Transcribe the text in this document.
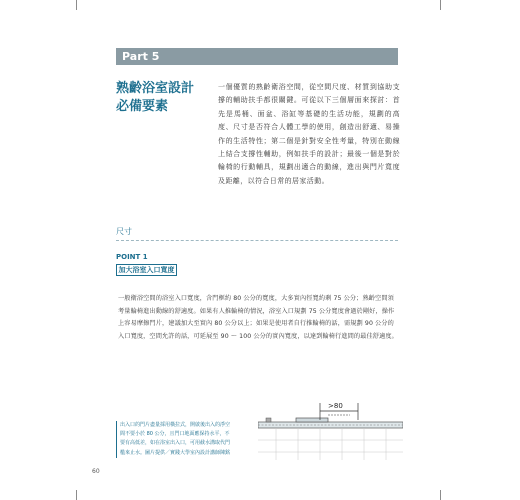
Part 5
熟齡浴室設計
必備要素
一個優質的熟齡衛浴空間，從空間尺度、材質到協助支撐的輔助扶手都很關鍵。可從以下三個層面來探討：首先是馬桶、面盆、浴缸等基礎的生活功能，規劃的高度、尺寸是否符合人體工學的使用，創造出舒適、易操作的生活特性；第二個是針對安全性考量，特別在動線上結合支撐性輔助，例如扶手的設計；最後一個是對於輪椅的行動輔具，規劃出適合的動線，進出與門片寬度及距離，以符合日常的居家活動。
尺寸
POINT 1
加大浴室入口寬度
一般衛浴空間的浴室入口寬度，含門框約 80 公分的寬度，大多實內徑寬約剩 75 公分；熟齡空間須考量輪椅進出動線的舒適度。如果有人推輪椅的情況，浴室入口規劃 75 公分寬度會過於剛好，操作上容易摩擦門片，建議加大至實內 80 公分以上；如果是使用者自行推輪椅的話，需規劃 90 公分的入口寬度，空間允許的話，可延展至 90 ～ 100 公分的實內寬度，以達到輪椅行進間的最佳舒適度。
>80
出入口的門片盡量採用橫拉式，開啟後出入的淨空間不要小於 80 公分，且門口地面應保持水平，不要有高低差，如在浴室出入口，可用截水溝取代門檻來止水。圖片提供／實踐大學室內設計講師陳銘
60
